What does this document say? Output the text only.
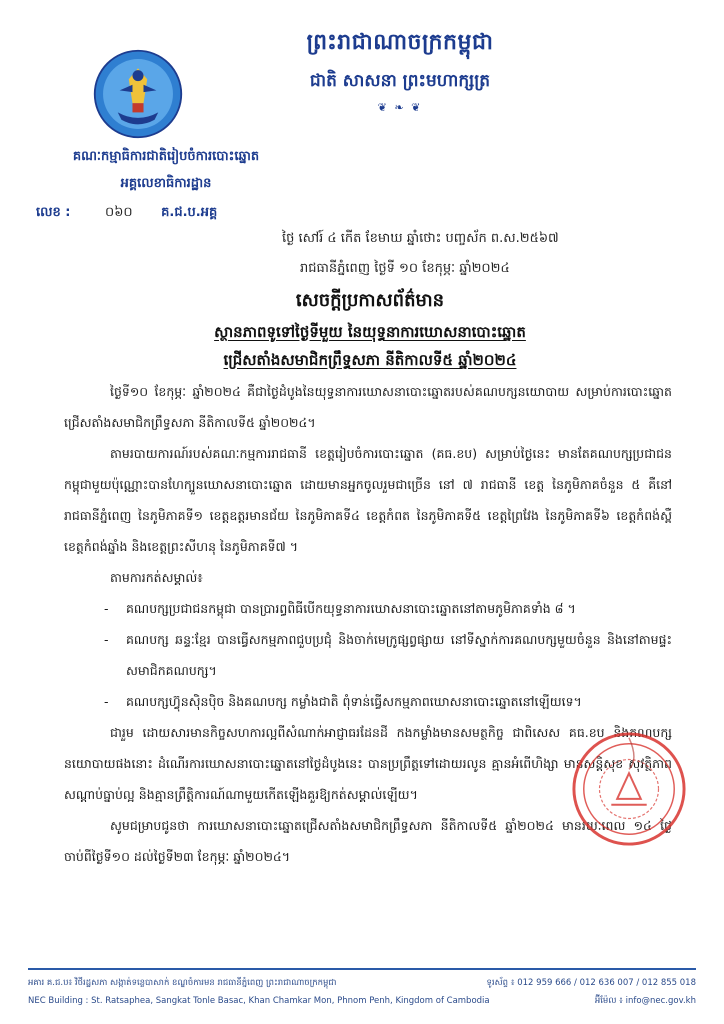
ព្រះរាជាណាចក្រកម្ពុជា
ជាតិ សាសនា ព្រះមហាក្សត្រ
❦ ❧ ❦
គណៈកម្មាធិការជាតិរៀបចំការបោះឆ្នោត
អគ្គលេខាធិការដ្ឋាន
លេខ :	០៦០ គ.ជ.ប.អគ្គ
ថ្ងៃ សៅរ៍ ៤ កើត ខែមាឃ ឆ្នាំថោះ បញ្ចស័ក ព.ស.២៥៦៧
រាជធានីភ្នំពេញ ថ្ងៃទី ១០ ខែកុម្ភៈ ឆ្នាំ២០២៤
សេចក្តីប្រកាសព័ត៌មាន
ស្ថានភាពទូទៅថ្ងៃទីមួយ នៃយុទ្ធនាការឃោសនាបោះឆ្នោត
ជ្រើសតាំងសមាជិកព្រឹទ្ធសភា នីតិកាលទី៥ ឆ្នាំ២០២៤

ថ្ងៃទី១០ ខែកុម្ភៈ ឆ្នាំ២០២៤ គឺជាថ្ងៃដំបូងនៃយុទ្ធនាការឃោសនាបោះឆ្នោតរបស់គណបក្សនយោបាយ សម្រាប់ការបោះឆ្នោតជ្រើសតាំងសមាជិកព្រឹទ្ធសភា នីតិកាលទី៥ ឆ្នាំ២០២៤។

តាមរបាយការណ៍របស់គណៈកម្មការរាជធានី ខេត្តរៀបចំការបោះឆ្នោត (គធ.ខប) សម្រាប់ថ្ងៃនេះ មានតែគណបក្សប្រជាជនកម្ពុជាមួយប៉ុណ្ណោះបានហែក្បួនឃោសនាបោះឆ្នោត ដោយមានអ្នកចូលរួមជាច្រើន នៅ ៧ រាជធានី ខេត្ត នៃភូមិភាគចំនួន ៥ គឺនៅរាជធានីភ្នំពេញ នៃភូមិភាគទី១ ខេត្តឧត្តរមានជ័យ នៃភូមិភាគទី៤ ខេត្តកំពត នៃភូមិភាគទី៥ ខេត្តព្រៃវែង នៃភូមិភាគទី៦ ខេត្តកំពង់ស្ពឺ ខេត្តកំពង់ឆ្នាំង និងខេត្តព្រះសីហនុ នៃភូមិភាគទី៧ ។

តាមការកត់សម្គាល់៖

- គណបក្សប្រជាជនកម្ពុជា បានប្រារព្ធពិធីបើកយុទ្ធនាការឃោសនាបោះឆ្នោតនៅតាមភូមិភាគទាំង ៨ ។
- គណបក្ស ឆន្ទៈខ្មែរ បានធ្វើសកម្មភាពជួបប្រជុំ និងចាក់មេក្រូផ្សព្វផ្សាយ នៅទីស្នាក់ការគណបក្សមួយចំនួន និងនៅតាមផ្ទះសមាជិកគណបក្ស។
- គណបក្សហ៊្វុនស៊ិនប៉ិច និងគណបក្ស កម្លាំងជាតិ ពុំទាន់ធ្វើសកម្មភាពឃោសនាបោះឆ្នោតនៅឡើយទេ។

ជារួម ដោយសារមានកិច្ចសហការល្អពីសំណាក់អាជ្ញាធរដែនដី កងកម្លាំងមានសមត្ថកិច្ច ជាពិសេស គធ.ខប និងគណបក្សនយោបាយផងនោះ ដំណើរការឃោសនាបោះឆ្នោតនៅថ្ងៃដំបូងនេះ បានប្រព្រឹត្តទៅដោយរលូន គ្មានអំពើហិង្សា មានសន្តិសុខ សុវត្ថិភាព សណ្តាប់ធ្នាប់ល្អ និងគ្មានព្រឹត្តិការណ៍ណាមួយកើតឡើងគួរឱ្យកត់សម្គាល់ឡើយ។

សូមជម្រាបជូនថា ការឃោសនាបោះឆ្នោតជ្រើសតាំងសមាជិកព្រឹទ្ធសភា នីតិកាលទី៥ ឆ្នាំ២០២៤ មានរយៈពេល ១៤ ថ្ងៃ ចាប់ពីថ្ងៃទី១០ ដល់ថ្ងៃទី២៣ ខែកុម្ភៈ ឆ្នាំ២០២៤។

អគារ គ.ជ.ប៖ វិថីរដ្ឋសភា សង្កាត់ទន្លេបាសាក់ ខណ្ឌចំការមន រាជធានីភ្នំពេញ ព្រះរាជាណាចក្រកម្ពុជា	ទូរស័ព្ទ ៖ 012 959 666 / 012 636 007 / 012 855 018
NEC Building : St. Ratsaphea, Sangkat Tonle Basac, Khan Chamkar Mon, Phnom Penh, Kingdom of Cambodia	អ៊ីម៉ែល ៖ info@nec.gov.kh
